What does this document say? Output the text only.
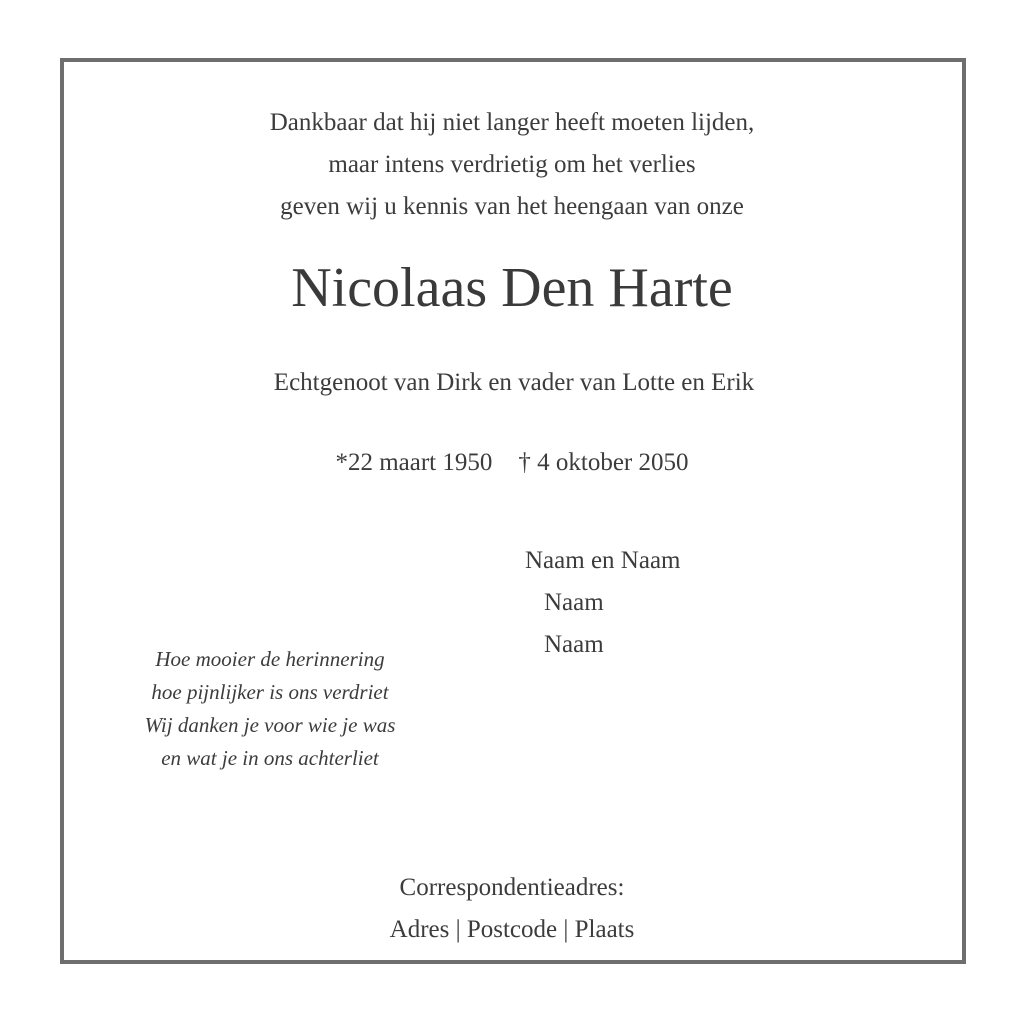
Dankbaar dat hij niet langer heeft moeten lijden,
maar intens verdrietig om het verlies
geven wij u kennis van het heengaan van onze
Nicolaas Den Harte
Echtgenoot van Dirk en vader van Lotte en Erik
*22 maart 1950 † 4 oktober 2050
Naam en Naam
Naam
Naam
Hoe mooier de herinnering
hoe pijnlijker is ons verdriet
Wij danken je voor wie je was
en wat je in ons achterliet
Correspondentieadres:
Adres | Postcode | Plaats
